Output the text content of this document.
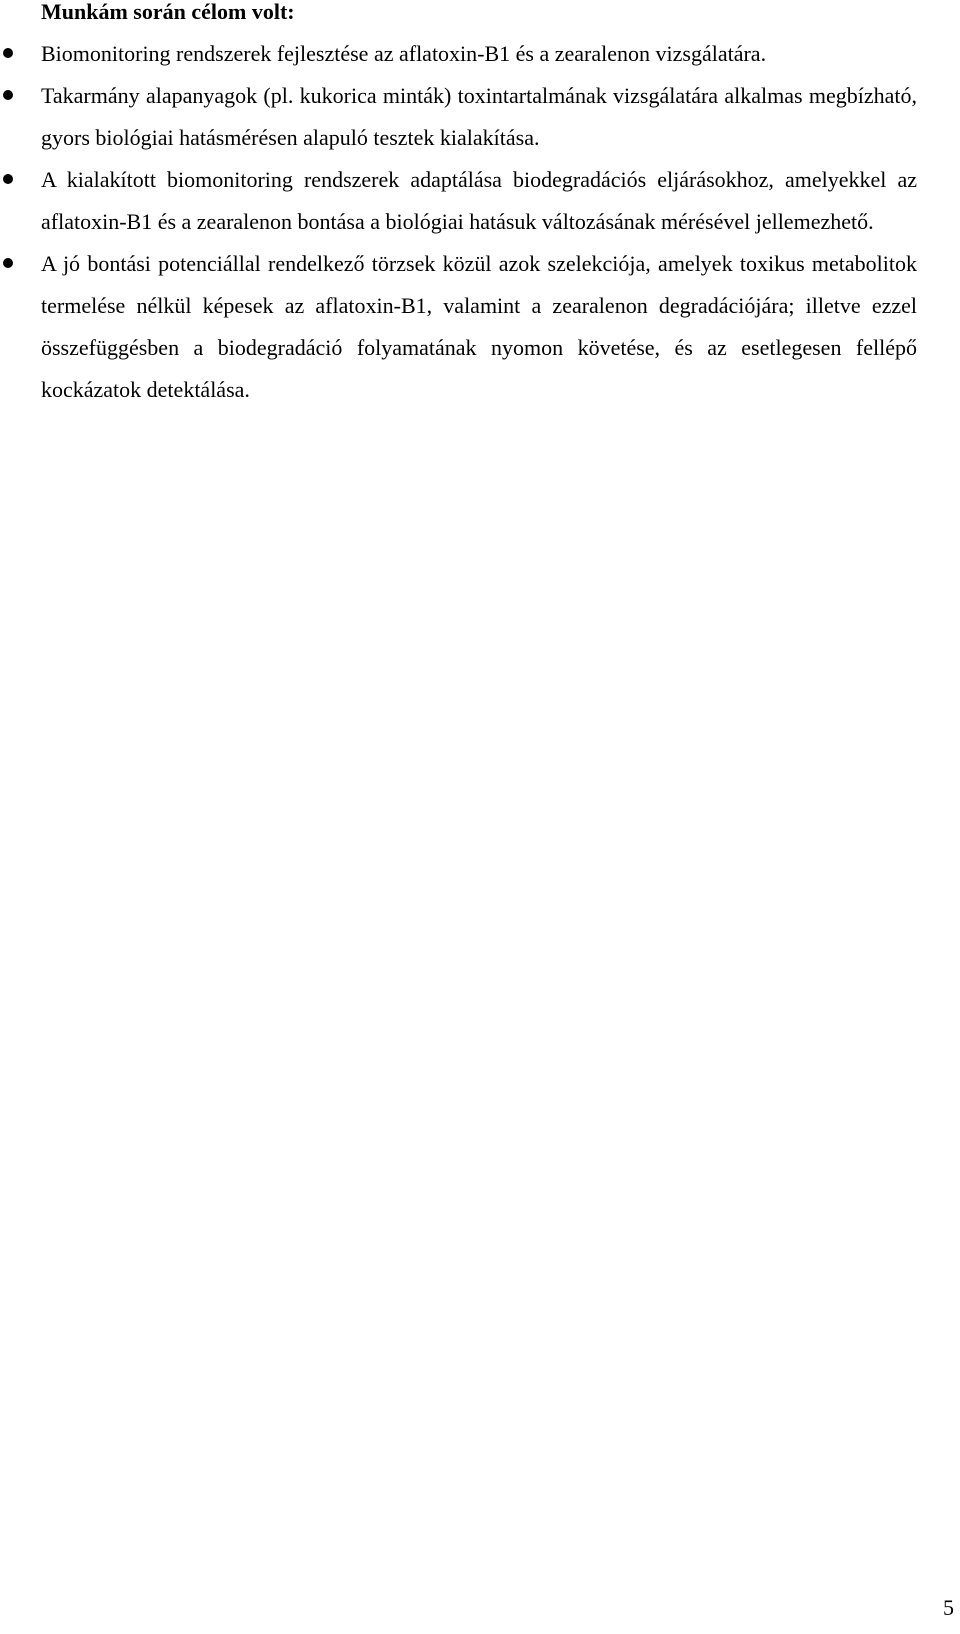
Munkám során célom volt:
Biomonitoring rendszerek fejlesztése az aflatoxin-B1 és a zearalenon vizsgálatára.
Takarmány alapanyagok (pl. kukorica minták) toxintartalmának vizsgálatára alkalmas megbízható, gyors biológiai hatásmérésen alapuló tesztek kialakítása.
A kialakított biomonitoring rendszerek adaptálása biodegradációs eljárásokhoz, amelyekkel az aflatoxin-B1 és a zearalenon bontása a biológiai hatásuk változásának mérésével jellemezhető.
A jó bontási potenciállal rendelkező törzsek közül azok szelekciója, amelyek toxikus metabolitok termelése nélkül képesek az aflatoxin-B1, valamint a zearalenon degradációjára; illetve ezzel összefüggésben a biodegradáció folyamatának nyomon követése, és az esetlegesen fellépő kockázatok detektálása.

5
